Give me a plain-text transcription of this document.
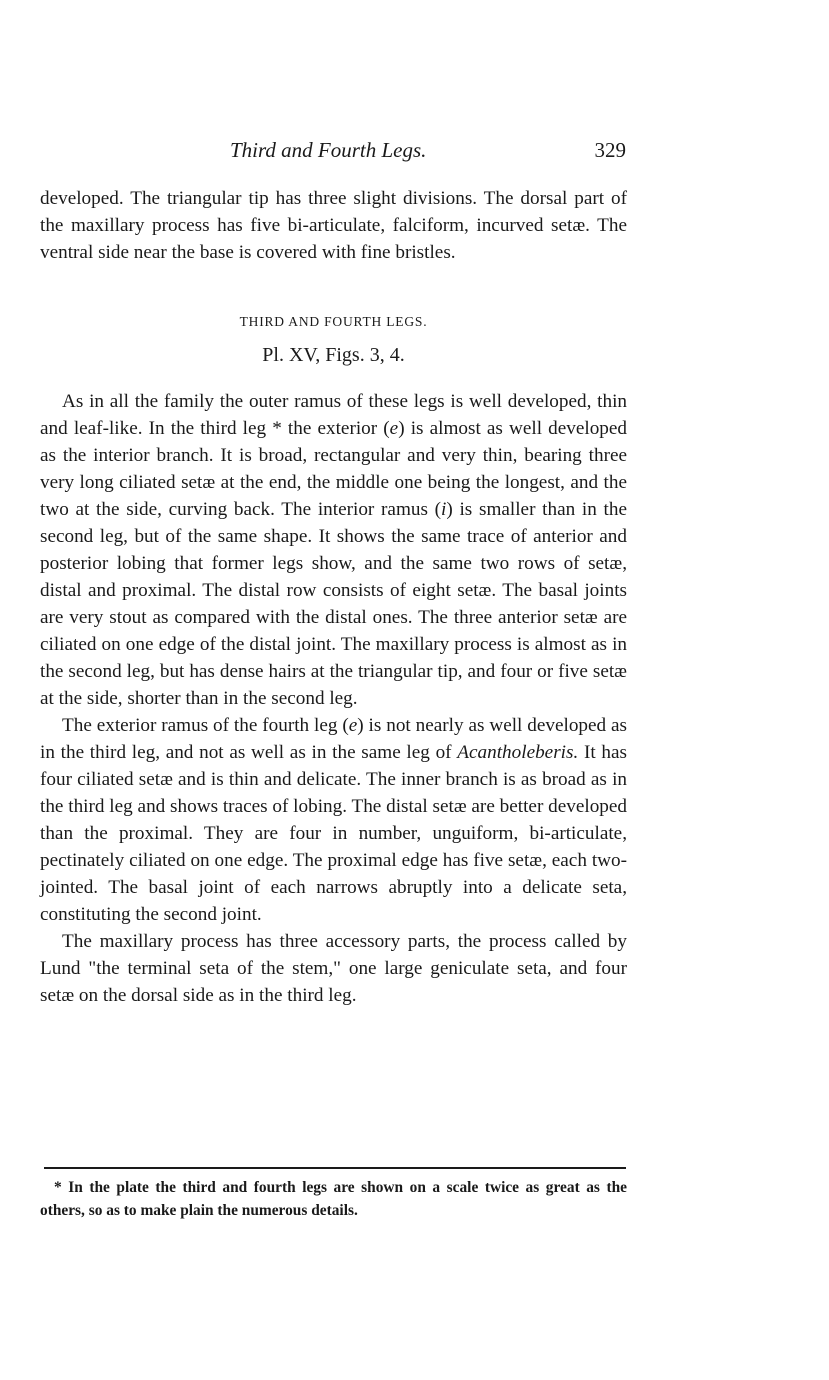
Third and Fourth Legs.	329

developed. The triangular tip has three slight divisions. The dorsal part of the maxillary process has five bi-articulate, falciform, incurved setæ. The ventral side near the base is covered with fine bristles.

THIRD AND FOURTH LEGS.
Pl. XV, Figs. 3, 4.

As in all the family the outer ramus of these legs is well developed, thin and leaf-like. In the third leg * the exterior (e) is almost as well developed as the interior branch. It is broad, rectangular and very thin, bearing three very long ciliated setæ at the end, the middle one being the longest, and the two at the side, curving back. The interior ramus (i) is smaller than in the second leg, but of the same shape. It shows the same trace of anterior and posterior lobing that former legs show, and the same two rows of setæ, distal and proximal. The distal row consists of eight setæ. The basal joints are very stout as compared with the distal ones. The three anterior setæ are ciliated on one edge of the distal joint. The maxillary process is almost as in the second leg, but has dense hairs at the triangular tip, and four or five setæ at the side, shorter than in the second leg.

The exterior ramus of the fourth leg (e) is not nearly as well developed as in the third leg, and not as well as in the same leg of Acantholeberis. It has four ciliated setæ and is thin and delicate. The inner branch is as broad as in the third leg and shows traces of lobing. The distal setæ are better developed than the proximal. They are four in number, unguiform, bi-articulate, pectinately ciliated on one edge. The proximal edge has five setæ, each two-jointed. The basal joint of each narrows abruptly into a delicate seta, constituting the second joint.

The maxillary process has three accessory parts, the process called by Lund "the terminal seta of the stem," one large geniculate seta, and four setæ on the dorsal side as in the third leg.

* In the plate the third and fourth legs are shown on a scale twice as great as the others, so as to make plain the numerous details.
